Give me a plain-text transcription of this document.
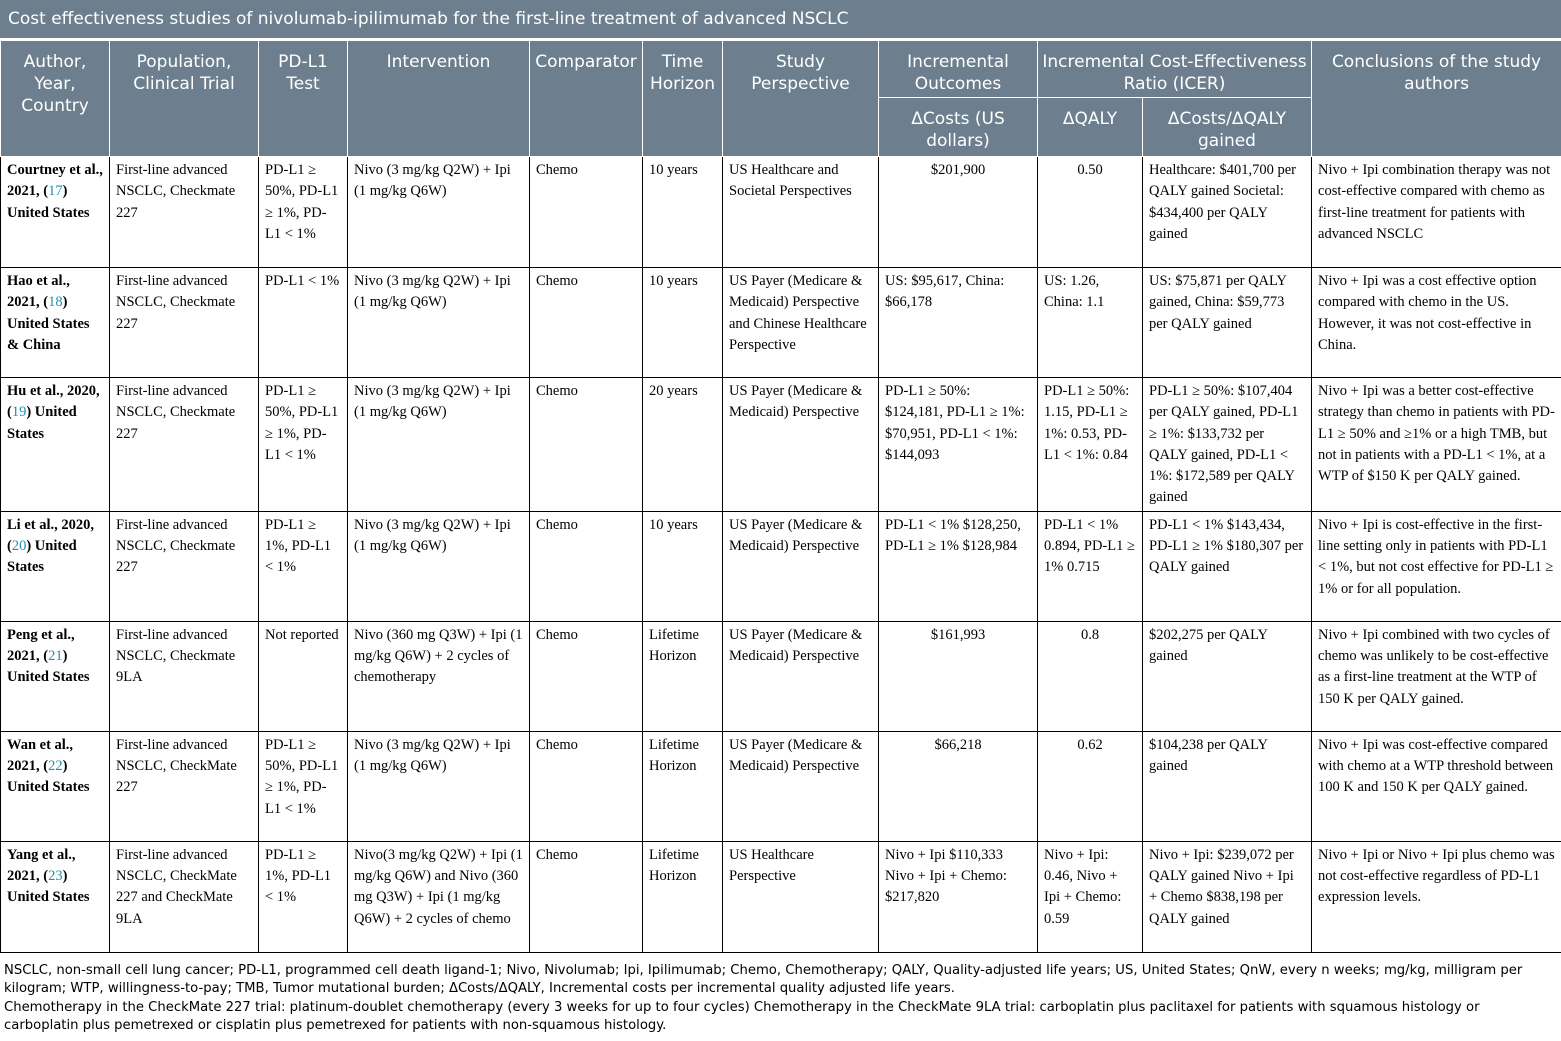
Cost effectiveness studies of nivolumab-ipilimumab for the first-line treatment of advanced NSCLC
Author, Year, Country	Population, Clinical Trial	PD-L1 Test	Intervention	Comparator	Time Horizon	Study Perspective	Incremental Outcomes	Incremental Cost-Effectiveness Ratio (ICER)		Conclusions of the study authors
							ΔCosts (US dollars)	ΔQALY	ΔCosts/ΔQALY gained	
Courtney et al., 2021, (17) United States	First-line advanced NSCLC, Checkmate 227	PD-L1 ≥ 50%, PD-L1 ≥ 1%, PD-L1 < 1%	Nivo (3 mg/kg Q2W) + Ipi (1 mg/kg Q6W)	Chemo	10 years	US Healthcare and Societal Perspectives	$201,900	0.50	Healthcare: $401,700 per QALY gained Societal: $434,400 per QALY gained	Nivo + Ipi combination therapy was not cost-effective compared with chemo as first-line treatment for patients with advanced NSCLC
Hao et al., 2021, (18) United States & China	First-line advanced NSCLC, Checkmate 227	PD-L1 < 1%	Nivo (3 mg/kg Q2W) + Ipi (1 mg/kg Q6W)	Chemo	10 years	US Payer (Medicare & Medicaid) Perspective and Chinese Healthcare Perspective	US: $95,617, China: $66,178	US: 1.26, China: 1.1	US: $75,871 per QALY gained, China: $59,773 per QALY gained	Nivo + Ipi was a cost effective option compared with chemo in the US. However, it was not cost-effective in China.
Hu et al., 2020, (19) United States	First-line advanced NSCLC, Checkmate 227	PD-L1 ≥ 50%, PD-L1 ≥ 1%, PD-L1 < 1%	Nivo (3 mg/kg Q2W) + Ipi (1 mg/kg Q6W)	Chemo	20 years	US Payer (Medicare & Medicaid) Perspective	PD-L1 ≥ 50%: $124,181, PD-L1 ≥ 1%: $70,951, PD-L1 < 1%: $144,093	PD-L1 ≥ 50%: 1.15, PD-L1 ≥ 1%: 0.53, PD-L1 < 1%: 0.84	PD-L1 ≥ 50%: $107,404 per QALY gained, PD-L1 ≥ 1%: $133,732 per QALY gained, PD-L1 < 1%: $172,589 per QALY gained	Nivo + Ipi was a better cost-effective strategy than chemo in patients with PD-L1 ≥ 50% and ≥1% or a high TMB, but not in patients with a PD-L1 < 1%, at a WTP of $150 K per QALY gained.
Li et al., 2020, (20) United States	First-line advanced NSCLC, Checkmate 227	PD-L1 ≥ 1%, PD-L1 < 1%	Nivo (3 mg/kg Q2W) + Ipi (1 mg/kg Q6W)	Chemo	10 years	US Payer (Medicare & Medicaid) Perspective	PD-L1 < 1% $128,250, PD-L1 ≥ 1% $128,984	PD-L1 < 1% 0.894, PD-L1 ≥ 1% 0.715	PD-L1 < 1% $143,434, PD-L1 ≥ 1% $180,307 per QALY gained	Nivo + Ipi is cost-effective in the first-line setting only in patients with PD-L1 < 1%, but not cost effective for PD-L1 ≥ 1% or for all population.
Peng et al., 2021, (21) United States	First-line advanced NSCLC, Checkmate 9LA	Not reported	Nivo (360 mg Q3W) + Ipi (1 mg/kg Q6W) + 2 cycles of chemotherapy	Chemo	Lifetime Horizon	US Payer (Medicare & Medicaid) Perspective	$161,993	0.8	$202,275 per QALY gained	Nivo + Ipi combined with two cycles of chemo was unlikely to be cost-effective as a first-line treatment at the WTP of 150 K per QALY gained.
Wan et al., 2021, (22) United States	First-line advanced NSCLC, CheckMate 227	PD-L1 ≥ 50%, PD-L1 ≥ 1%, PD-L1 < 1%	Nivo (3 mg/kg Q2W) + Ipi (1 mg/kg Q6W)	Chemo	Lifetime Horizon	US Payer (Medicare & Medicaid) Perspective	$66,218	0.62	$104,238 per QALY gained	Nivo + Ipi was cost-effective compared with chemo at a WTP threshold between 100 K and 150 K per QALY gained.
Yang et al., 2021, (23) United States	First-line advanced NSCLC, CheckMate 227 and CheckMate 9LA	PD-L1 ≥ 1%, PD-L1 < 1%	Nivo(3 mg/kg Q2W) + Ipi (1 mg/kg Q6W) and Nivo (360 mg Q3W) + Ipi (1 mg/kg Q6W) + 2 cycles of chemo	Chemo	Lifetime Horizon	US Healthcare Perspective	Nivo + Ipi $110,333 Nivo + Ipi + Chemo: $217,820	Nivo + Ipi: 0.46, Nivo + Ipi + Chemo: 0.59	Nivo + Ipi: $239,072 per QALY gained Nivo + Ipi + Chemo $838,198 per QALY gained	Nivo + Ipi or Nivo + Ipi plus chemo was not cost-effective regardless of PD-L1 expression levels.

NSCLC, non-small cell lung cancer; PD-L1, programmed cell death ligand-1; Nivo, Nivolumab; Ipi, Ipilimumab; Chemo, Chemotherapy; QALY, Quality-adjusted life years; US, United States; QnW, every n weeks; mg/kg, milligram per kilogram; WTP, willingness-to-pay; TMB, Tumor mutational burden; ΔCosts/ΔQALY, Incremental costs per incremental quality adjusted life years.

Chemotherapy in the CheckMate 227 trial: platinum-doublet chemotherapy (every 3 weeks for up to four cycles) Chemotherapy in the CheckMate 9LA trial: carboplatin plus paclitaxel for patients with squamous histology or carboplatin plus pemetrexed or cisplatin plus pemetrexed for patients with non-squamous histology.
